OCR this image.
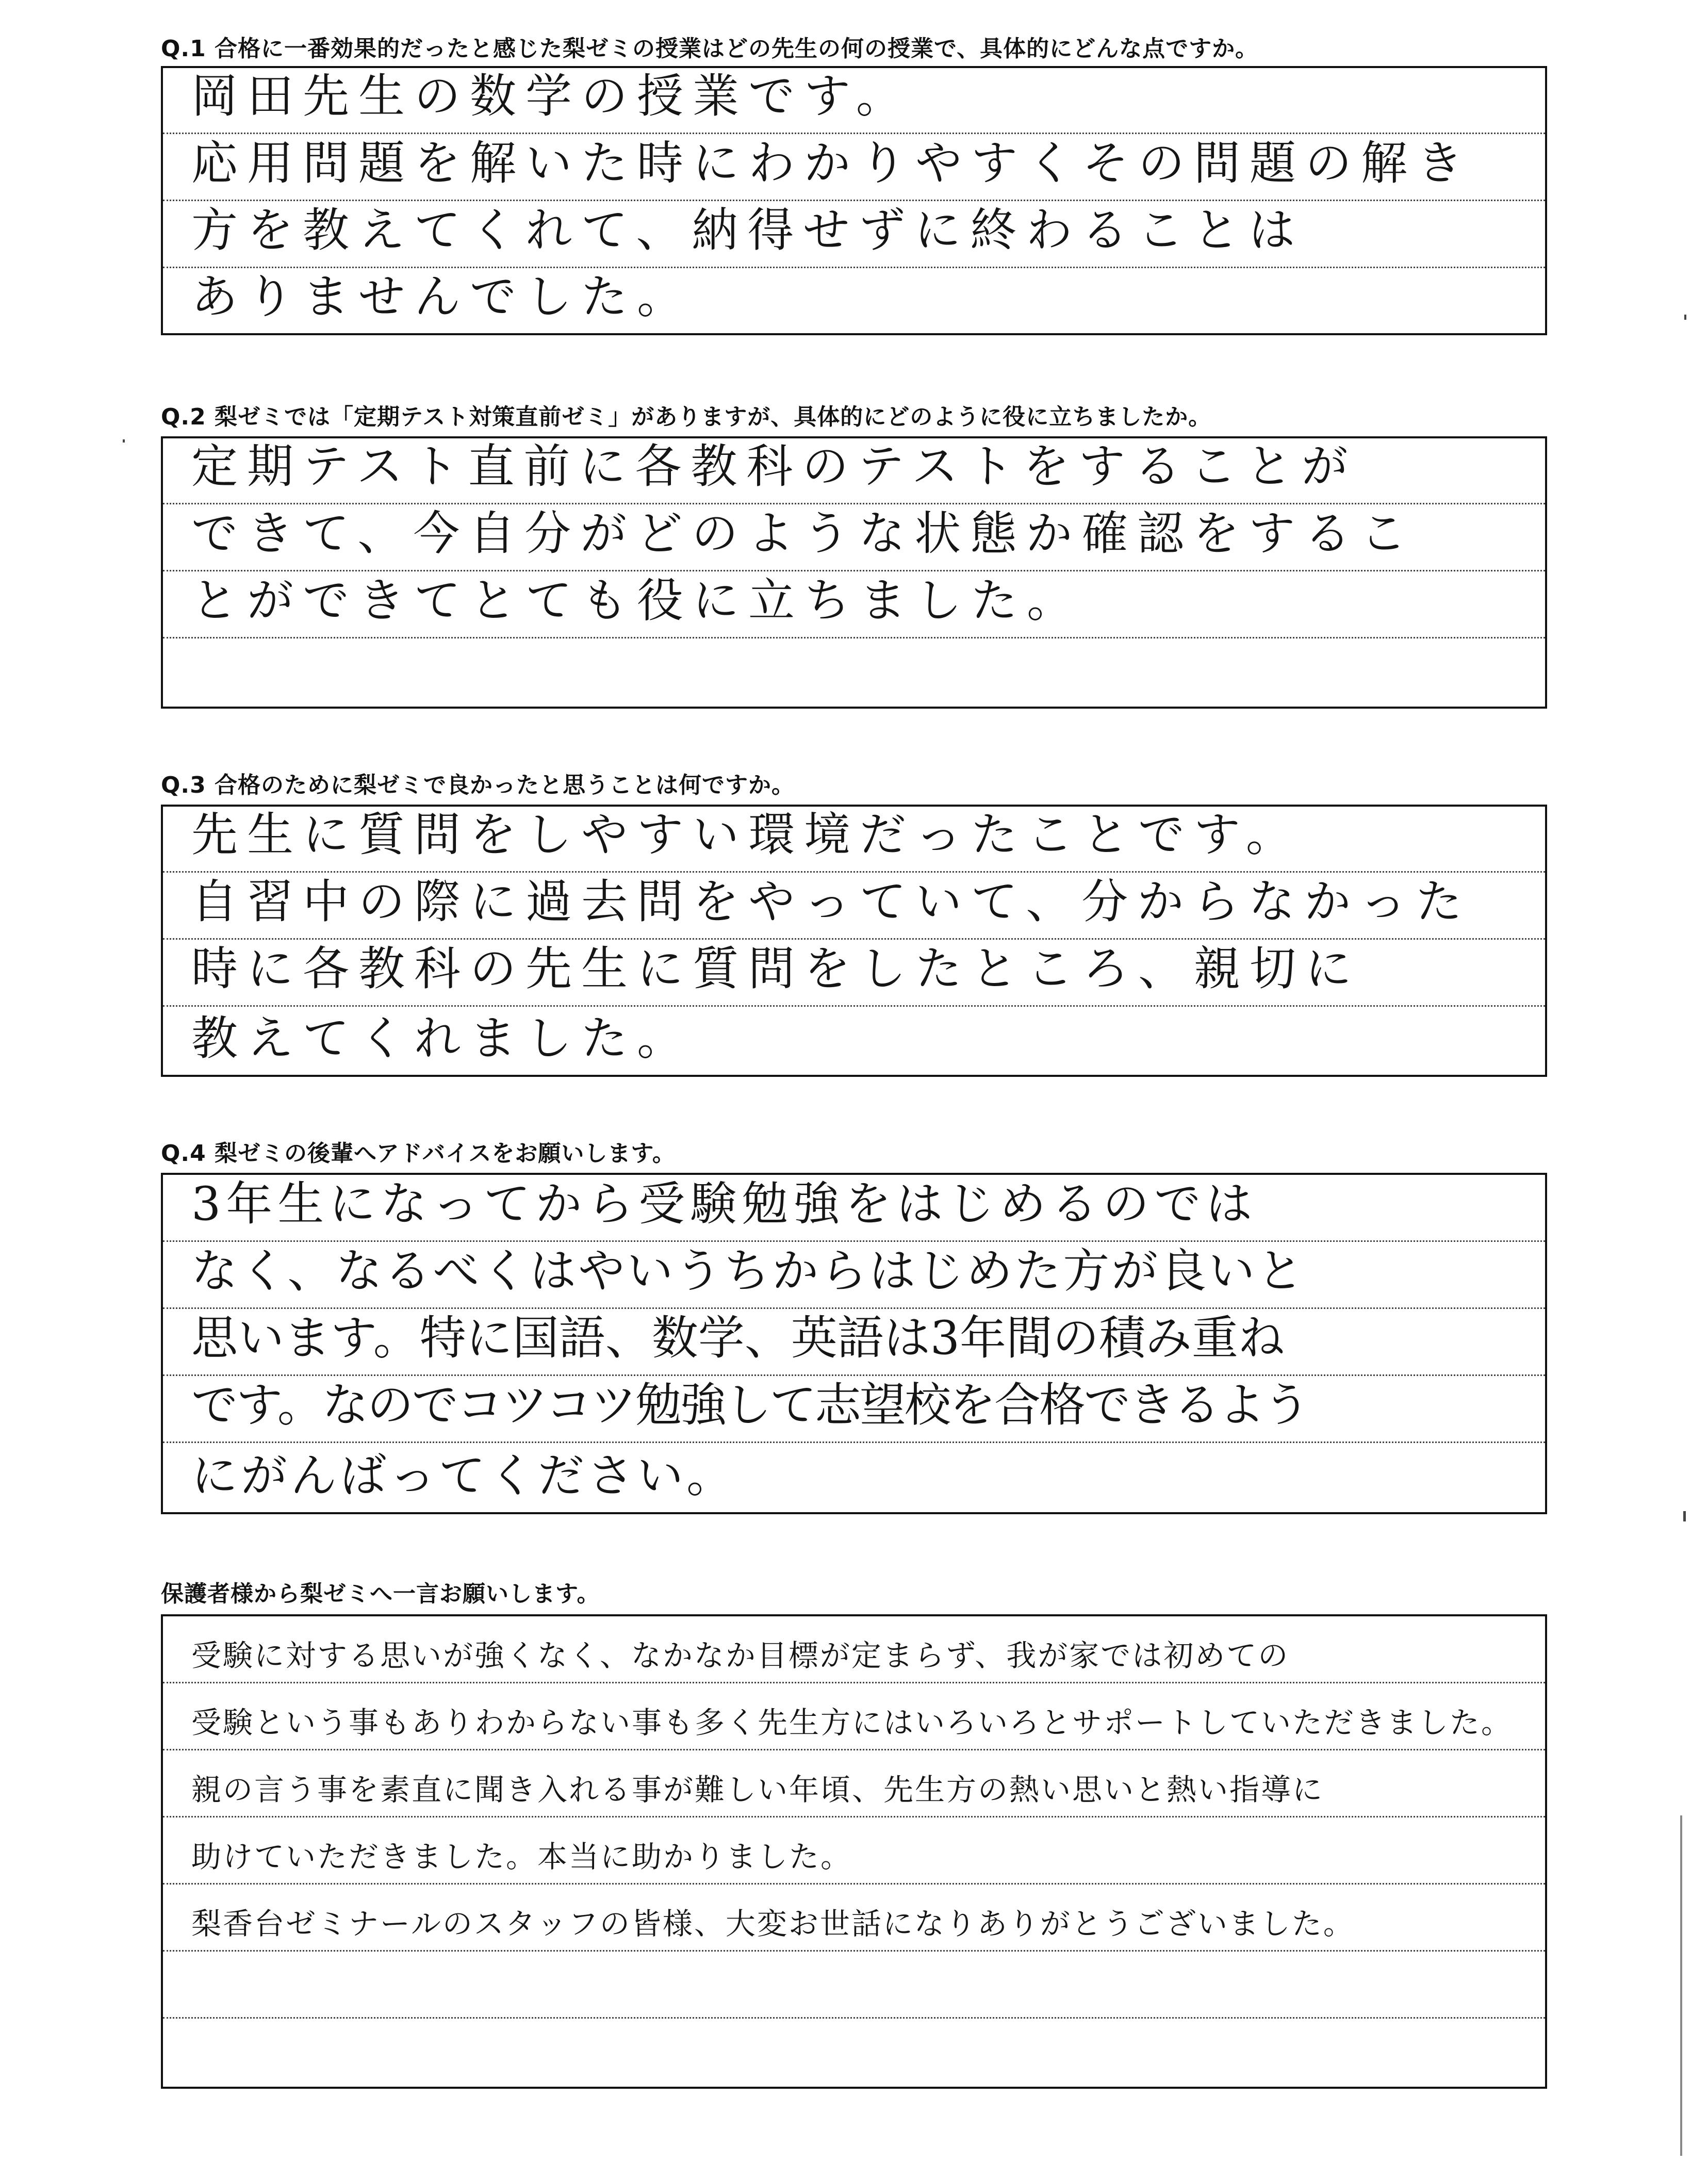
Q.1 合格に一番効果的だったと感じた梨ゼミの授業はどの先生の何の授業で、具体的にどんな点ですか。
岡田先生の数学の授業です。
応用問題を解いた時にわかりやすくその問題の解き
方を教えてくれて、納得せずに終わることは
ありませんでした。
Q.2 梨ゼミでは「定期テスト対策直前ゼミ」がありますが、具体的にどのように役に立ちましたか。
定期テスト直前に各教科のテストをすることが
できて、今自分がどのような状態か確認をするこ
とができてとても役に立ちました。
Q.3 合格のために梨ゼミで良かったと思うことは何ですか。
先生に質問をしやすい環境だったことです。
自習中の際に過去問をやっていて、分からなかった
時に各教科の先生に質問をしたところ、親切に
教えてくれました。
Q.4 梨ゼミの後輩へアドバイスをお願いします。
3年生になってから受験勉強をはじめるのでは
なく、なるべくはやいうちからはじめた方が良いと
思います。特に国語、数学、英語は3年間の積み重ね
です。なのでコツコツ勉強して志望校を合格できるよう
にがんばってください。
保護者様から梨ゼミへ一言お願いします。
受験に対する思いが強くなく、なかなか目標が定まらず、我が家では初めての
受験という事もありわからない事も多く先生方にはいろいろとサポートしていただきました。
親の言う事を素直に聞き入れる事が難しい年頃、先生方の熱い思いと熱い指導に
助けていただきました。本当に助かりました。
梨香台ゼミナールのスタッフの皆様、大変お世話になりありがとうございました。
